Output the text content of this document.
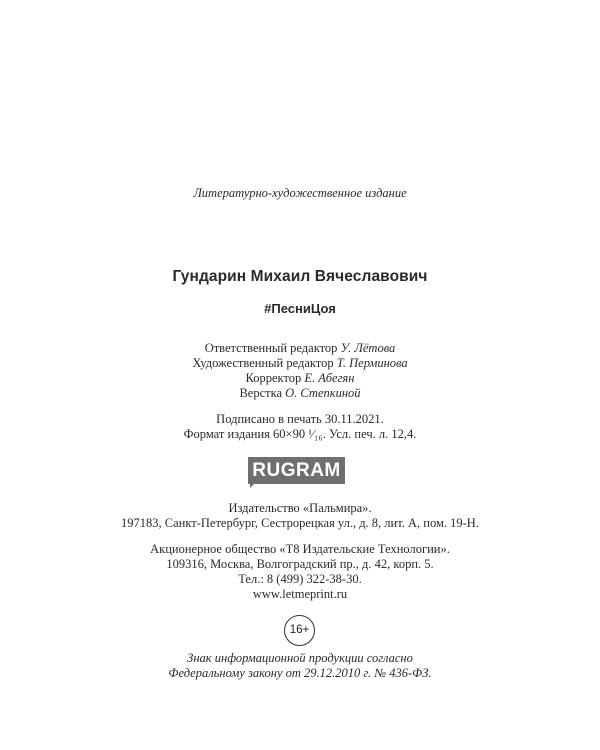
Литературно-художественное издание
Гундарин Михаил Вячеславович
#ПесниЦоя
Ответственный редактор У. Лётова
Художественный редактор Т. Перминова
Корректор Е. Абегян
Верстка О. Степкиной
Подписано в печать 30.11.2021.
Формат издания 60×90 ¹⁄₁₆. Усл. печ. л. 12,4.
RUGRAM
Издательство «Пальмира».
197183, Санкт-Петербург, Сестрорецкая ул., д. 8, лит. А, пом. 19-Н.
Акционерное общество «Т8 Издательские Технологии».
109316, Москва, Волгоградский пр., д. 42, корп. 5.
Тел.: 8 (499) 322-38-30.
www.letmeprint.ru
16+
Знак информационной продукции согласно
Федеральному закону от 29.12.2010 г. № 436-ФЗ.
